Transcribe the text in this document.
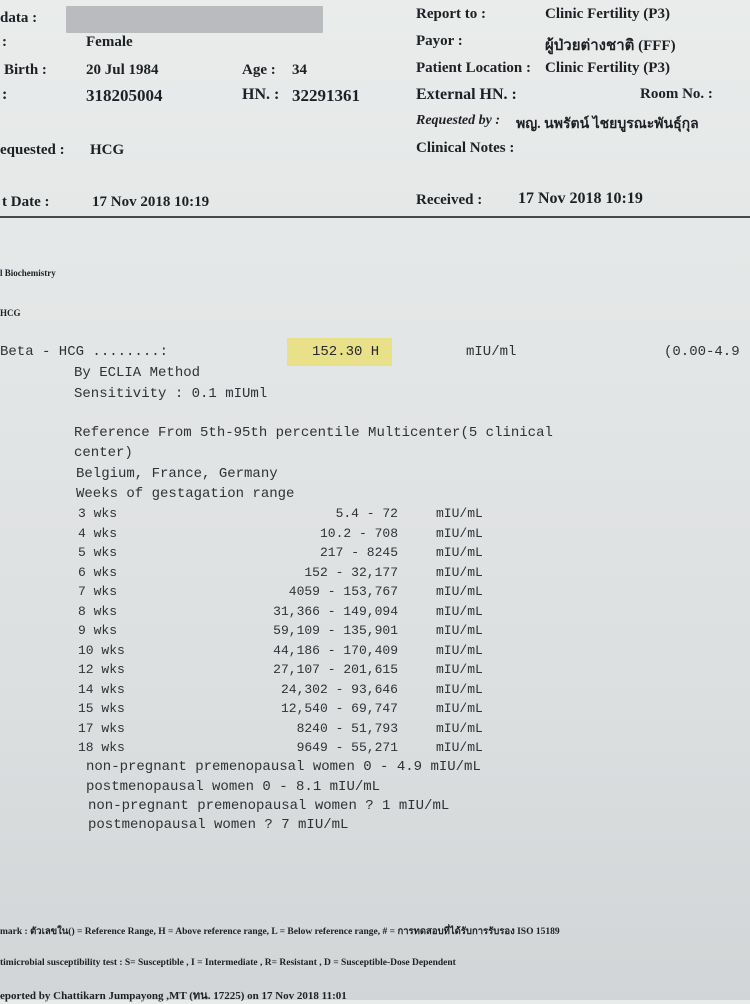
data :
:	Female
Birth :	20 Jul 1984	Age : 34
:	318205004	HN. : 32291361
equested : HCG
t Date :	17 Nov 2018 10:19
Report to :	Clinic Fertility (P3)
Payor :	ผู้ป่วยต่างชาติ (FFF)
Patient Location : Clinic Fertility (P3)
External HN. :	Room No. :
Requested by : พญ. นพรัตน์ ไชยบูรณะพันธุ์กุล
Clinical Notes :
Received : 17 Nov 2018 10:19
l Biochemistry
HCG
Beta - HCG ........:	152.30 H	mIU/ml	(0.00-4.9
By ECLIA Method
Sensitivity : 0.1 mIUml
Reference From 5th-95th percentile Multicenter(5 clinical
center)
Belgium, France, Germany
Weeks of gestagation range
3 wks	5.4 - 72	mIU/mL
4 wks	10.2 - 708	mIU/mL
5 wks	217 - 8245	mIU/mL
6 wks	152 - 32,177	mIU/mL
7 wks	4059 - 153,767	mIU/mL
8 wks	31,366 - 149,094	mIU/mL
9 wks	59,109 - 135,901	mIU/mL
10 wks	44,186 - 170,409	mIU/mL
12 wks	27,107 - 201,615	mIU/mL
14 wks	24,302 - 93,646	mIU/mL
15 wks	12,540 - 69,747	mIU/mL
17 wks	8240 - 51,793	mIU/mL
18 wks	9649 - 55,271	mIU/mL
non-pregnant premenopausal women 0 - 4.9 mIU/mL
postmenopausal women 0 - 8.1 mIU/mL
non-pregnant premenopausal women ? 1 mIU/mL
postmenopausal women ? 7 mIU/mL
mark : ตัวเลขใน() = Reference Range, H = Above reference range, L = Below reference range, # = การทดสอบที่ได้รับการรับรอง ISO 15189
timicrobial susceptibility test : S= Susceptible , I = Intermediate , R= Resistant , D = Susceptible-Dose Dependent
eported by Chattikarn Jumpayong ,MT (ทน. 17225) on 17 Nov 2018 11:01
